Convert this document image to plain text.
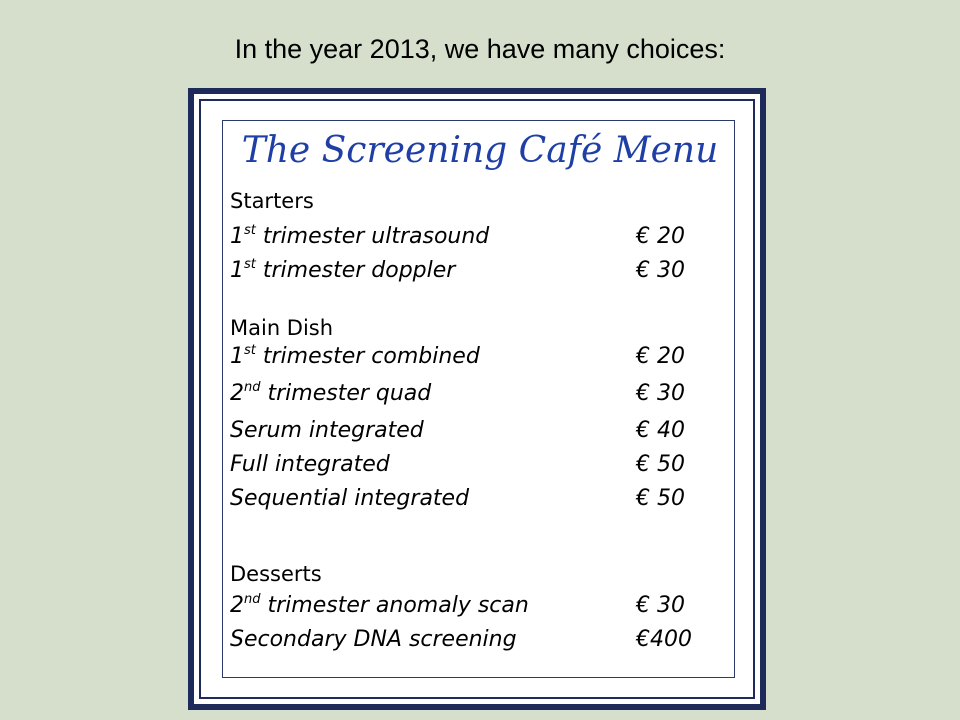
In the year 2013, we have many choices:
The Screening Café Menu
Starters
1st trimester ultrasound	€ 20
1st trimester doppler	€ 30
Main Dish
1st trimester combined	€ 20
2nd trimester quad	€ 30
Serum integrated	€ 40
Full integrated	€ 50
Sequential integrated	€ 50
Desserts
2nd trimester anomaly scan	€ 30
Secondary DNA screening	€400
